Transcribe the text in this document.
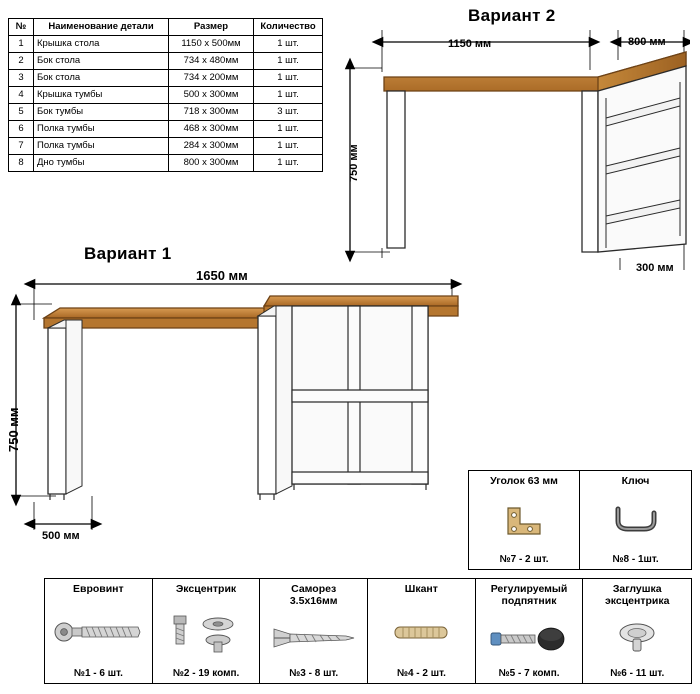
№	Наименование детали	Размер	Количество
1	Крышка стола	1150 x 500мм	1 шт.
2	Бок стола	734 x 480мм	1 шт.
3	Бок стола	734 x 200мм	1 шт.
4	Крышка тумбы	500 x 300мм	1 шт.
5	Бок тумбы	718 x 300мм	3 шт.
6	Полка тумбы	468 x 300мм	1 шт.
7	Полка тумбы	284 x 300мм	1 шт.
8	Дно тумбы	800 x 300мм	1 шт.
Вариант 2
Вариант 1
1150 мм	800 мм
750 мм
300 мм
1650 мм
750 мм
500 мм
Уголок 63 мм
№7 - 2 шт.
Ключ
№8 - 1шт.
Евровинт
№1 - 6 шт.
Эксцентрик
№2 - 19 комп.
Саморез
3.5x16мм
№3 - 8 шт.
Шкант
№4 - 2 шт.
Регулируемый
подпятник
№5 - 7 комп.
Заглушка
эксцентрика
№6 - 11 шт.
